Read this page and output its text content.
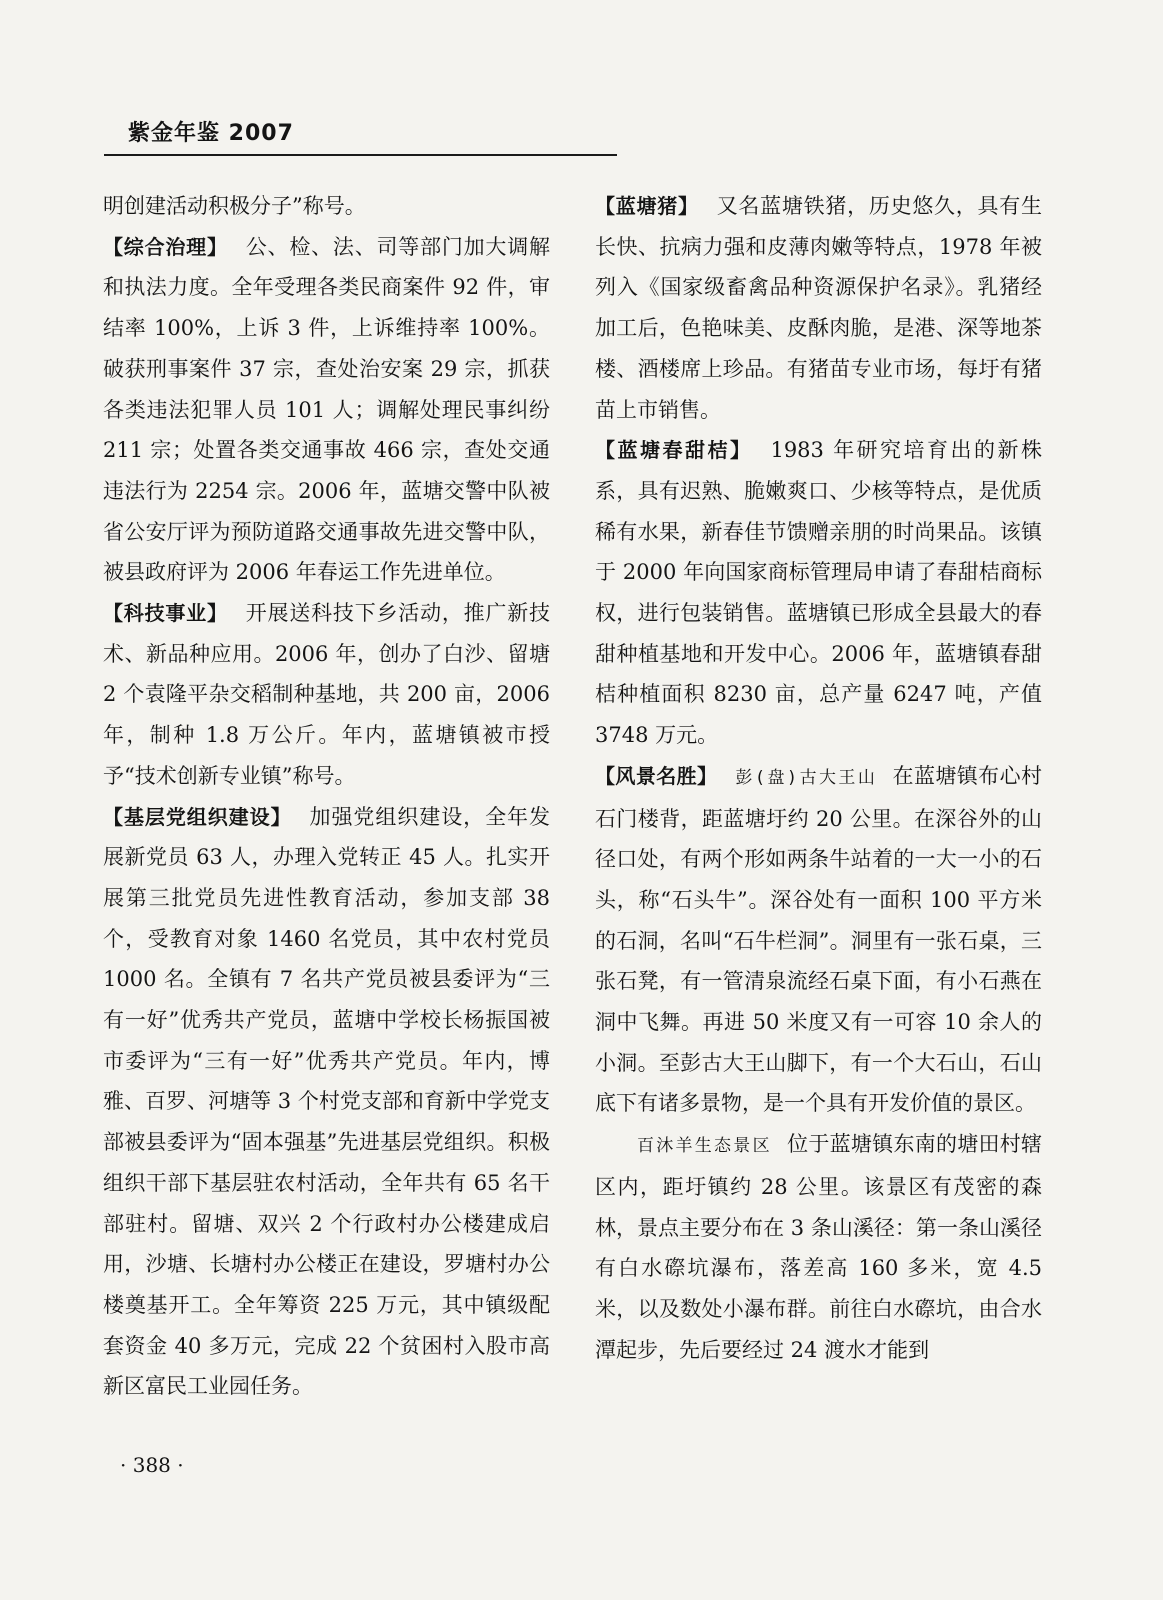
紫金年鉴 2007

明创建活动积极分子”称号。

【综合治理】 公、检、法、司等部门加大调解和执法力度。全年受理各类民商案件 92 件，审结率 100%，上诉 3 件，上诉维持率 100%。破获刑事案件 37 宗，查处治安案 29 宗，抓获各类违法犯罪人员 101 人；调解处理民事纠纷 211 宗；处置各类交通事故 466 宗，查处交通违法行为 2254 宗。2006 年，蓝塘交警中队被省公安厅评为预防道路交通事故先进交警中队，被县政府评为 2006 年春运工作先进单位。

【科技事业】 开展送科技下乡活动，推广新技术、新品种应用。2006 年，创办了白沙、留塘 2 个袁隆平杂交稻制种基地，共 200 亩，2006 年，制种 1.8 万公斤。年内，蓝塘镇被市授予“技术创新专业镇”称号。

【基层党组织建设】 加强党组织建设，全年发展新党员 63 人，办理入党转正 45 人。扎实开展第三批党员先进性教育活动，参加支部 38 个，受教育对象 1460 名党员，其中农村党员 1000 名。全镇有 7 名共产党员被县委评为“三有一好”优秀共产党员，蓝塘中学校长杨振国被市委评为“三有一好”优秀共产党员。年内，博雅、百罗、河塘等 3 个村党支部和育新中学党支部被县委评为“固本强基”先进基层党组织。积极组织干部下基层驻农村活动，全年共有 65 名干部驻村。留塘、双兴 2 个行政村办公楼建成启用，沙塘、长塘村办公楼正在建设，罗塘村办公楼奠基开工。全年筹资 225 万元，其中镇级配套资金 40 多万元，完成 22 个贫困村入股市高新区富民工业园任务。

【蓝塘猪】 又名蓝塘铁猪，历史悠久，具有生长快、抗病力强和皮薄肉嫩等特点，1978 年被列入《国家级畜禽品种资源保护名录》。乳猪经加工后，色艳味美、皮酥肉脆，是港、深等地茶楼、酒楼席上珍品。有猪苗专业市场，每圩有猪苗上市销售。

【蓝塘春甜桔】 1983 年研究培育出的新株系，具有迟熟、脆嫩爽口、少核等特点，是优质稀有水果，新春佳节馈赠亲朋的时尚果品。该镇于 2000 年向国家商标管理局申请了春甜桔商标权，进行包装销售。蓝塘镇已形成全县最大的春甜种植基地和开发中心。2006 年，蓝塘镇春甜桔种植面积 8230 亩，总产量 6247 吨，产值 3748 万元。

【风景名胜】 彭(盘)古大王山 在蓝塘镇布心村石门楼背，距蓝塘圩约 20 公里。在深谷外的山径口处，有两个形如两条牛站着的一大一小的石头，称“石头牛”。深谷处有一面积 100 平方米的石洞，名叫“石牛栏洞”。洞里有一张石桌，三张石凳，有一管清泉流经石桌下面，有小石燕在洞中飞舞。再进 50 米度又有一可容 10 余人的小洞。至彭古大王山脚下，有一个大石山，石山底下有诸多景物，是一个具有开发价值的景区。

百沐羊生态景区 位于蓝塘镇东南的塘田村辖区内，距圩镇约 28 公里。该景区有茂密的森林，景点主要分布在 3 条山溪径：第一条山溪径有白水磜坑瀑布，落差高 160 多米，宽 4.5 米，以及数处小瀑布群。前往白水磜坑，由合水潭起步，先后要经过 24 渡水才能到

· 388 ·
